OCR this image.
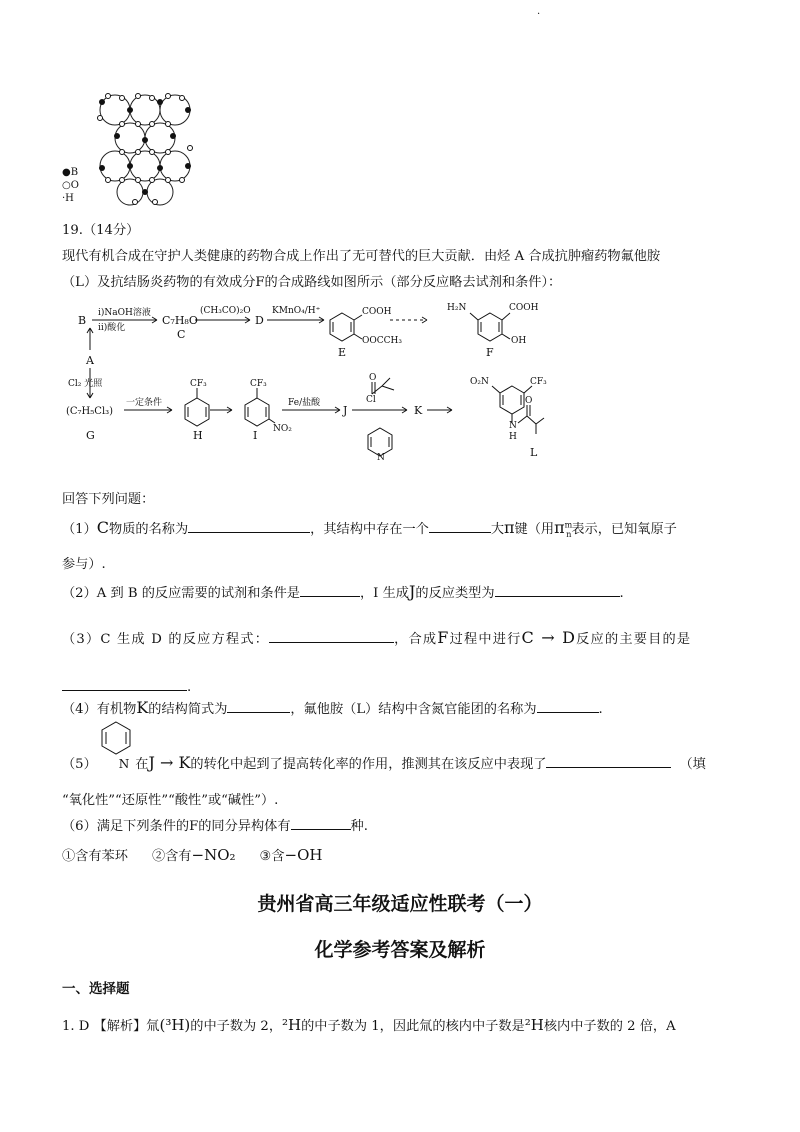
.
●B
○O
·H
19.（14分）
现代有机合成在守护人类健康的药物合成上作出了无可替代的巨大贡献．由烃 A 合成抗肿瘤药物氟他胺
（L）及抗结肠炎药物的有效成分F的合成路线如图所示（部分反应略去试剂和条件）：
B
i)NaOH溶液
ii)酸化
C₇H₈O
C
(CH₃CO)₂O
D
KMnO₄/H⁺	COOH
OOCCH₃
E
H₂N	COOH
OH
F
A
Cl₂ 光照
(C₇H₅Cl₃)
G
一定条件
CF₃
H
CF₃
NO₂
I
Fe/盐酸
J
O
Cl
N
K
O₂N	CF₃
O
N
H
L
回答下列问题：
（1）C物质的名称为	，其结构中存在一个	大π键（用$\pi^m_n$表示，已知氧原子
参与）.
（2）A 到 B 的反应需要的试剂和条件是	，I 生成J的反应类型为	.
（3）C 生成 D 的反应方程式：	，合成F过程中进行C → D反应的主要目的是
.
（4）有机物K的结构简式为	，氟他胺（L）结构中含氮官能团的名称为	.
（5） N 在J → K的转化中起到了提高转化率的作用，推测其在该反应中表现了	（填
“氧化性”“还原性”“酸性”或“碱性”）.
（6）满足下列条件的F的同分异构体有	种.
①含有苯环 ②含有−NO₂ ③含−OH
贵州省高三年级适应性联考（一）
化学参考答案及解析
一、选择题
1. D 【解析】氚(³H)的中子数为 2，²H的中子数为 1，因此氚的核内中子数是²H核内中子数的 2 倍，A
